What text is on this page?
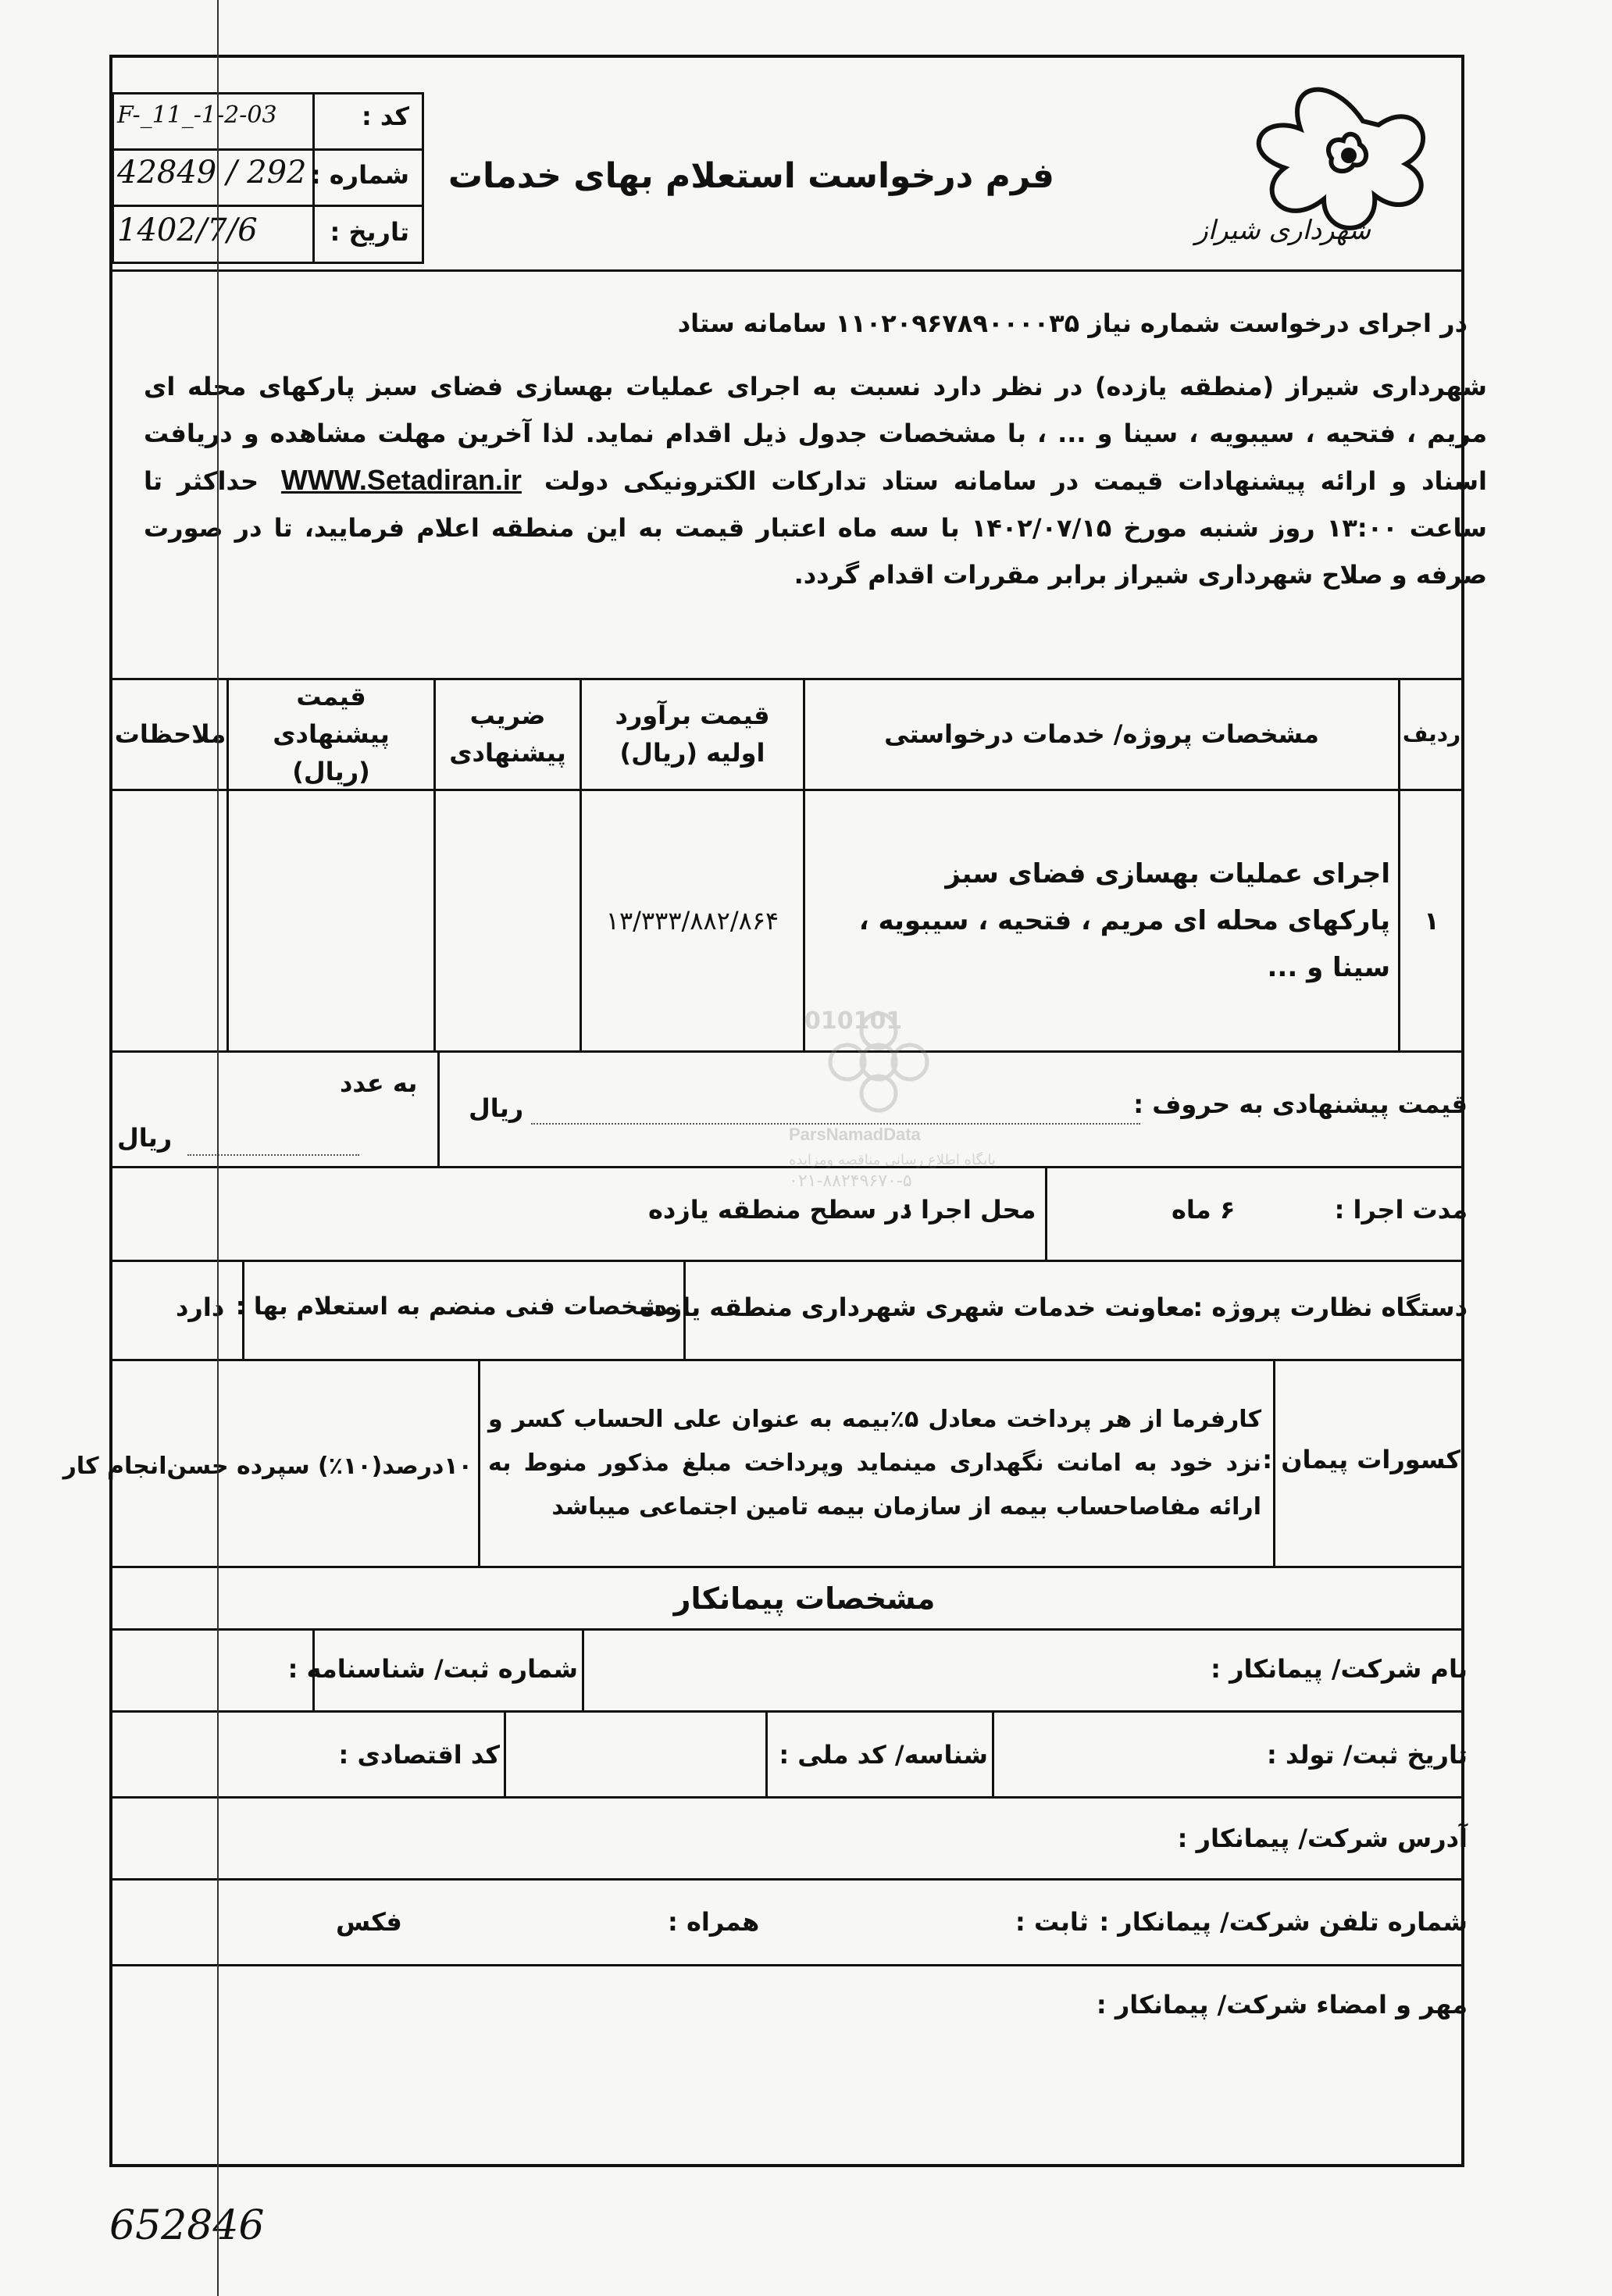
شهرداری شیراز
فرم درخواست استعلام بهای خدمات
کد :
F-_11_-1-2-03
شماره :
42849 / 292
تاریخ :
1402/7/6
در اجرای درخواست شماره نیاز ۱۱۰۲۰۹۶۷۸۹۰۰۰۰۳۵ سامانه ستاد
شهرداری شیراز (منطقه یازده) در نظر دارد نسبت به اجرای عملیات بهسازی فضای سبز پارکهای محله ای مریم ، فتحیه ، سیبویه ، سینا و ... ، با مشخصات جدول ذیل اقدام نماید. لذا آخرین مهلت مشاهده و دریافت اسناد و ارائه پیشنهادات قیمت در سامانه ستاد تدارکات الکترونیکی دولت WWW.Setadiran.ir حداکثر تا ساعت ۱۳:۰۰ روز شنبه مورخ ۱۴۰۲/۰۷/۱۵ با سه ماه اعتبار قیمت به این منطقه اعلام فرمایید، تا در صورت صرفه و صلاح شهرداری شیراز برابر مقررات اقدام گردد.
ردیف
مشخصات پروژه/ خدمات درخواستی
قیمت برآورد اولیه (ریال)
ضریب پیشنهادی
قیمت پیشنهادی (ریال)
ملاحظات
۱
اجرای عملیات بهسازی فضای سبز پارکهای محله ای مریم ، فتحیه ، سیبویه ، سینا و ...
۱۳/۳۳۳/۸۸۲/۸۶۴
قیمت پیشنهادی به حروف :
ریال
به عدد
ریال
مدت اجرا :
۶ ماه
محل اجرا :
در سطح منطقه یازده
دستگاه نظارت پروژه :
معاونت خدمات شهری شهرداری منطقه یازده
مشخصات فنی منضم به استعلام بها :
دارد
کسورات پیمان :
کارفرما از هر پرداخت معادل ۵٪بیمه به عنوان علی الحساب کسر و نزد خود به امانت نگهداری مینماید وپرداخت مبلغ مذکور منوط به ارائه مفاصاحساب بیمه از سازمان بیمه تامین اجتماعی میباشد
۱۰درصد(۱۰٪) سپرده حسن‌انجام کار
مشخصات پیمانکار
نام شرکت/ پیمانکار :
شماره ثبت/ شناسنامه :
تاریخ ثبت/ تولد :
شناسه/ کد ملی :
کد اقتصادی :
آدرس شرکت/ پیمانکار :
شماره تلفن شرکت/ پیمانکار :
ثابت :
همراه :
فکس
مهر و امضاء شرکت/ پیمانکار :
010101
ParsNamadData
پایگاه اطلاع رسانی مناقصه ومزایده
۰۲۱-۸۸۲۴۹۶۷۰-۵
652846
